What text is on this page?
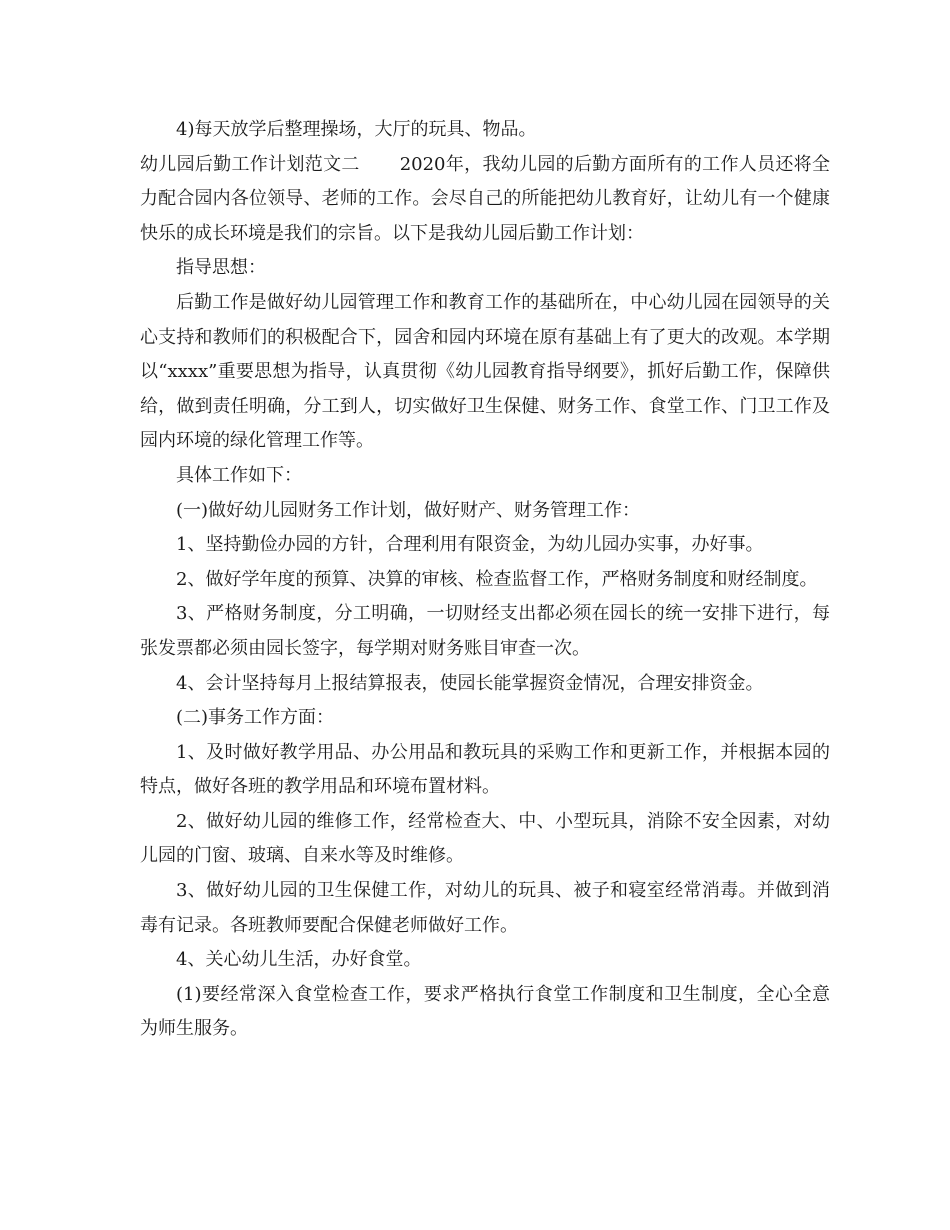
4)每天放学后整理操场，大厅的玩具、物品。

幼儿园后勤工作计划范文二 2020年，我幼儿园的后勤方面所有的工作人员还将全力配合园内各位领导、老师的工作。会尽自己的所能把幼儿教育好，让幼儿有一个健康快乐的成长环境是我们的宗旨。以下是我幼儿园后勤工作计划：

指导思想：

后勤工作是做好幼儿园管理工作和教育工作的基础所在，中心幼儿园在园领导的关心支持和教师们的积极配合下，园舍和园内环境在原有基础上有了更大的改观。本学期以“xxxx”重要思想为指导，认真贯彻《幼儿园教育指导纲要》，抓好后勤工作，保障供给，做到责任明确，分工到人，切实做好卫生保健、财务工作、食堂工作、门卫工作及园内环境的绿化管理工作等。

具体工作如下：

(一)做好幼儿园财务工作计划，做好财产、财务管理工作：

1、坚持勤俭办园的方针，合理利用有限资金，为幼儿园办实事，办好事。

2、做好学年度的预算、决算的审核、检查监督工作，严格财务制度和财经制度。

3、严格财务制度，分工明确，一切财经支出都必须在园长的统一安排下进行，每张发票都必须由园长签字，每学期对财务账目审查一次。

4、会计坚持每月上报结算报表，使园长能掌握资金情况，合理安排资金。

(二)事务工作方面：

1、及时做好教学用品、办公用品和教玩具的采购工作和更新工作，并根据本园的特点，做好各班的教学用品和环境布置材料。

2、做好幼儿园的维修工作，经常检查大、中、小型玩具，消除不安全因素，对幼儿园的门窗、玻璃、自来水等及时维修。

3、做好幼儿园的卫生保健工作，对幼儿的玩具、被子和寝室经常消毒。并做到消毒有记录。各班教师要配合保健老师做好工作。

4、关心幼儿生活，办好食堂。

(1)要经常深入食堂检查工作，要求严格执行食堂工作制度和卫生制度，全心全意为师生服务。
